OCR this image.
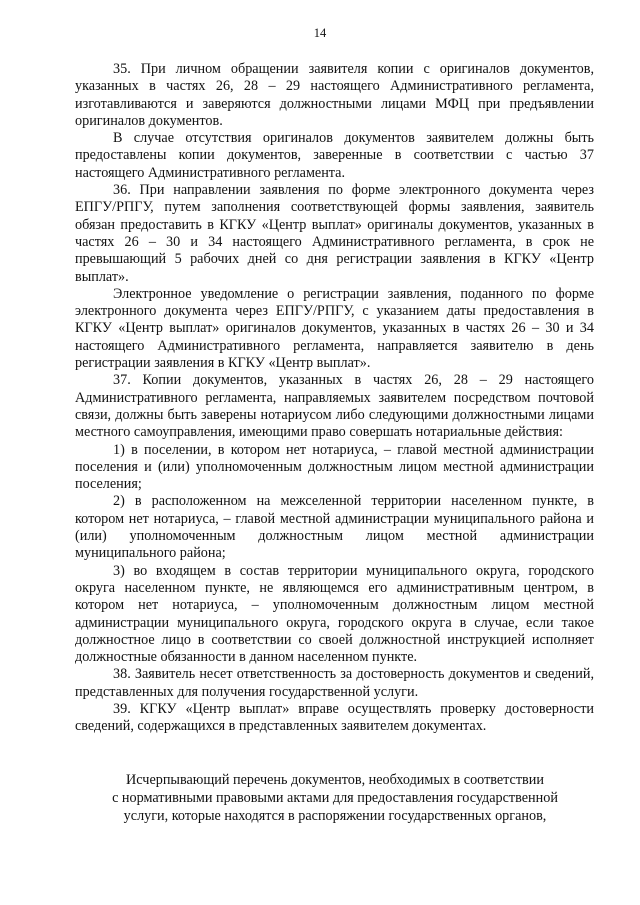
14

35. При личном обращении заявителя копии с оригиналов документов, указанных в частях 26, 28 – 29 настоящего Административного регламента, изготавливаются и заверяются должностными лицами МФЦ при предъявлении оригиналов документов.

В случае отсутствия оригиналов документов заявителем должны быть предоставлены копии документов, заверенные в соответствии с частью 37 настоящего Административного регламента.

36. При направлении заявления по форме электронного документа через ЕПГУ/РПГУ, путем заполнения соответствующей формы заявления, заявитель обязан предоставить в КГКУ «Центр выплат» оригиналы документов, указанных в частях 26 – 30 и 34 настоящего Административного регламента, в срок не превышающий 5 рабочих дней со дня регистрации заявления в КГКУ «Центр выплат».

Электронное уведомление о регистрации заявления, поданного по форме электронного документа через ЕПГУ/РПГУ, с указанием даты предоставления в КГКУ «Центр выплат» оригиналов документов, указанных в частях 26 – 30 и 34 настоящего Административного регламента, направляется заявителю в день регистрации заявления в КГКУ «Центр выплат».

37. Копии документов, указанных в частях 26, 28 – 29 настоящего Административного регламента, направляемых заявителем посредством почтовой связи, должны быть заверены нотариусом либо следующими должностными лицами местного самоуправления, имеющими право совершать нотариальные действия:

1) в поселении, в котором нет нотариуса, – главой местной администрации поселения и (или) уполномоченным должностным лицом местной администрации поселения;

2) в расположенном на межселенной территории населенном пункте, в котором нет нотариуса, – главой местной администрации муниципального района и (или) уполномоченным должностным лицом местной администрации муниципального района;

3) во входящем в состав территории муниципального округа, городского округа населенном пункте, не являющемся его административным центром, в котором нет нотариуса, – уполномоченным должностным лицом местной администрации муниципального округа, городского округа в случае, если такое должностное лицо в соответствии со своей должностной инструкцией исполняет должностные обязанности в данном населенном пункте.

38. Заявитель несет ответственность за достоверность документов и сведений, представленных для получения государственной услуги.

39. КГКУ «Центр выплат» вправе осуществлять проверку достоверности сведений, содержащихся в представленных заявителем документах.

Исчерпывающий перечень документов, необходимых в соответствии
с нормативными правовыми актами для предоставления государственной
услуги, которые находятся в распоряжении государственных органов,
